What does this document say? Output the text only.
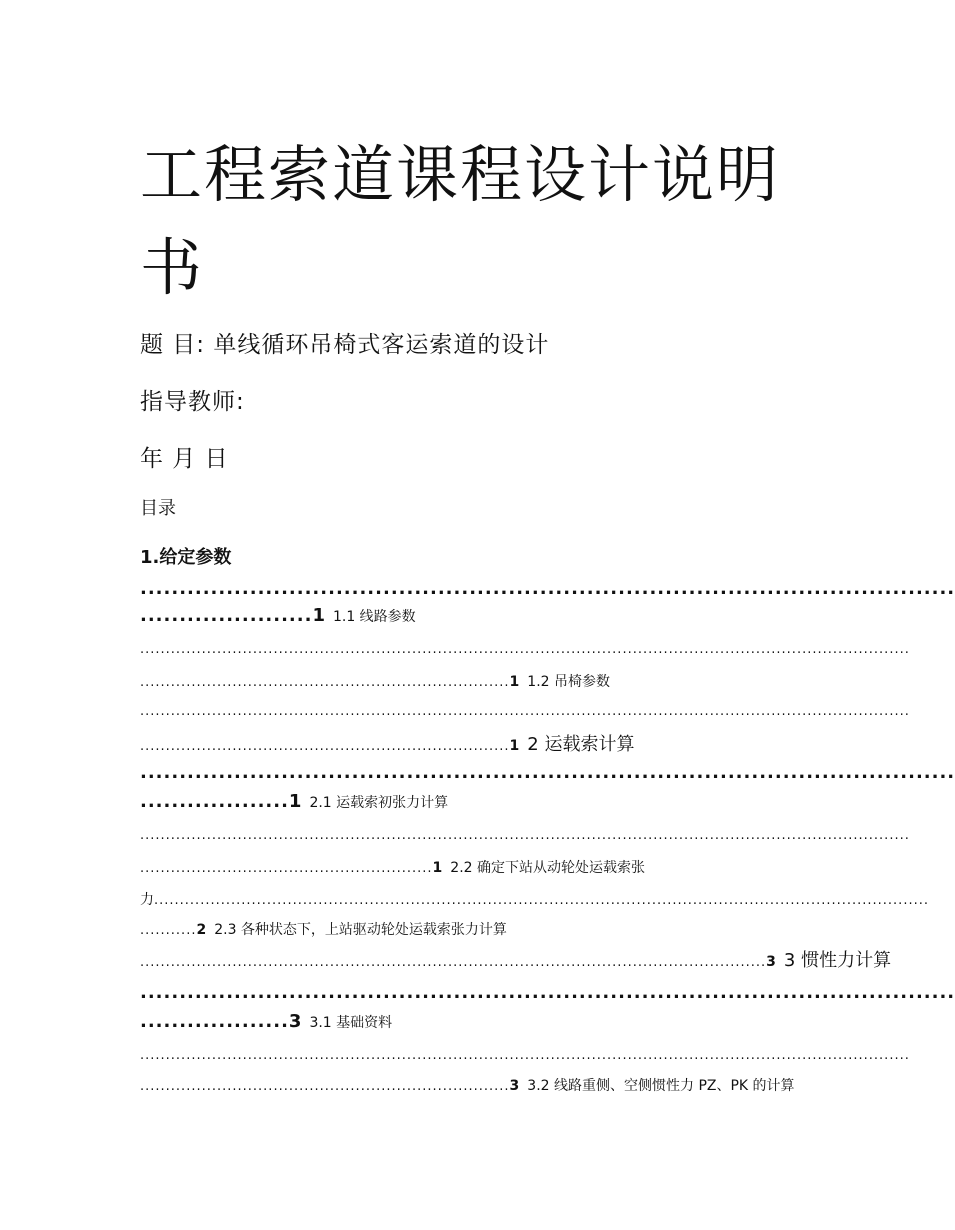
工程索道课程设计说明书
题 目: 单线循环吊椅式客运索道的设计
指导教师:
年 月 日
目录
1.给定参数
........................................................................................................
......................1 1.1 线路参数
......................................................................................................................................................
........................................................................1 1.2 吊椅参数
......................................................................................................................................................
........................................................................1 2 运载索计算
........................................................................................................
...................1 2.1 运载索初张力计算
......................................................................................................................................................
.........................................................1 2.2 确定下站从动轮处运载索张
力.......................................................................................................................................................
...........2 2.3 各种状态下，上站驱动轮处运载索张力计算
..........................................................................................................................3 3 惯性力计算
........................................................................................................
...................3 3.1 基础资料
......................................................................................................................................................
........................................................................3 3.2 线路重侧、空侧惯性力 PZ、PK 的计算
